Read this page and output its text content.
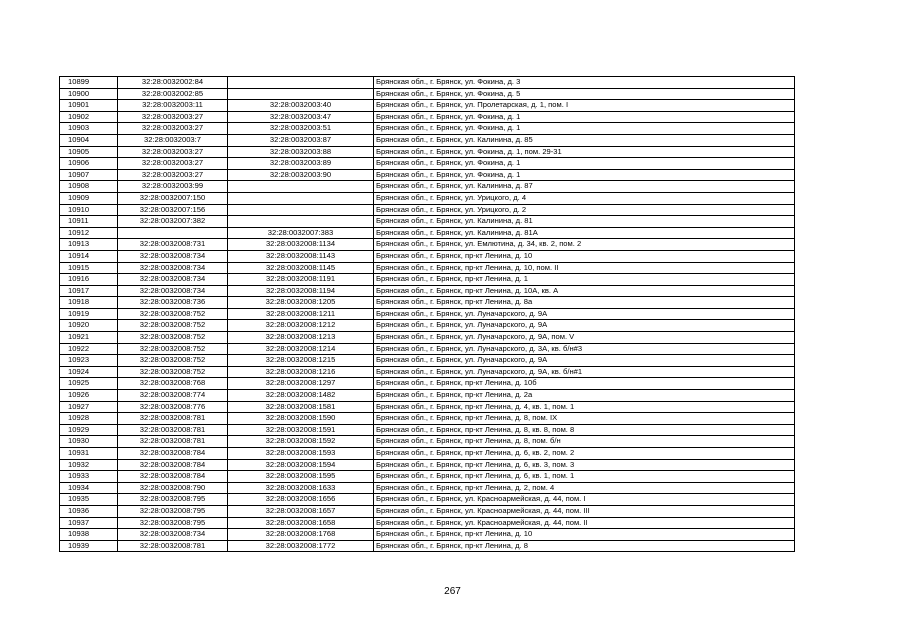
10899	32:28:0032002:84		Брянская обл., г. Брянск, ул. Фокина, д. 3
10900	32:28:0032002:85		Брянская обл., г. Брянск, ул. Фокина, д. 5
10901	32:28:0032003:11	32:28:0032003:40	Брянская обл., г. Брянск, ул. Пролетарская, д. 1, пом. I
10902	32:28:0032003:27	32:28:0032003:47	Брянская обл., г. Брянск, ул. Фокина, д. 1
10903	32:28:0032003:27	32:28:0032003:51	Брянская обл., г. Брянск, ул. Фокина, д. 1
10904	32:28:0032003:7	32:28:0032003:87	Брянская обл., г. Брянск, ул. Калинина, д. 85
10905	32:28:0032003:27	32:28:0032003:88	Брянская обл., г. Брянск, ул. Фокина, д. 1, пом. 29-31
10906	32:28:0032003:27	32:28:0032003:89	Брянская обл., г. Брянск, ул. Фокина, д. 1
10907	32:28:0032003:27	32:28:0032003:90	Брянская обл., г. Брянск, ул. Фокина, д. 1
10908	32:28:0032003:99		Брянская обл., г. Брянск, ул. Калинина, д. 87
10909	32:28:0032007:150		Брянская обл., г. Брянск, ул. Урицкого, д. 4
10910	32:28:0032007:156		Брянская обл., г. Брянск, ул. Урицкого, д. 2
10911	32:28:0032007:382		Брянская обл., г. Брянск, ул. Калинина, д. 81
10912		32:28:0032007:383	Брянская обл., г. Брянск, ул. Калинина, д. 81А
10913	32:28:0032008:731	32:28:0032008:1134	Брянская обл., г. Брянск, ул. Емлютина, д. 34, кв. 2, пом. 2
10914	32:28:0032008:734	32:28:0032008:1143	Брянская обл., г. Брянск, пр-кт Ленина, д. 10
10915	32:28:0032008:734	32:28:0032008:1145	Брянская обл., г. Брянск, пр-кт Ленина, д. 10, пом. II
10916	32:28:0032008:734	32:28:0032008:1191	Брянская обл., г. Брянск, пр-кт Ленина, д. 1
10917	32:28:0032008:734	32:28:0032008:1194	Брянская обл., г. Брянск, пр-кт Ленина, д. 10А, кв. А
10918	32:28:0032008:736	32:28:0032008:1205	Брянская обл., г. Брянск, пр-кт Ленина, д. 8а
10919	32:28:0032008:752	32:28:0032008:1211	Брянская обл., г. Брянск, ул. Луначарского, д. 9А
10920	32:28:0032008:752	32:28:0032008:1212	Брянская обл., г. Брянск, ул. Луначарского, д. 9А
10921	32:28:0032008:752	32:28:0032008:1213	Брянская обл., г. Брянск, ул. Луначарского, д. 9А, пом. V
10922	32:28:0032008:752	32:28:0032008:1214	Брянская обл., г. Брянск, ул. Луначарского, д. 3А, кв. б/н#3
10923	32:28:0032008:752	32:28:0032008:1215	Брянская обл., г. Брянск, ул. Луначарского, д. 9А
10924	32:28:0032008:752	32:28:0032008:1216	Брянская обл., г. Брянск, ул. Луначарского, д. 9А, кв. б/н#1
10925	32:28:0032008:768	32:28:0032008:1297	Брянская обл., г. Брянск, пр-кт Ленина, д. 10б
10926	32:28:0032008:774	32:28:0032008:1482	Брянская обл., г. Брянск, пр-кт Ленина, д. 2а
10927	32:28:0032008:776	32:28:0032008:1581	Брянская обл., г. Брянск, пр-кт Ленина, д. 4, кв. 1, пом. 1
10928	32:28:0032008:781	32:28:0032008:1590	Брянская обл., г. Брянск, пр-кт Ленина, д. 8, пом. IX
10929	32:28:0032008:781	32:28:0032008:1591	Брянская обл., г. Брянск, пр-кт Ленина, д. 8, кв. 8, пом. 8
10930	32:28:0032008:781	32:28:0032008:1592	Брянская обл., г. Брянск, пр-кт Ленина, д. 8, пом. б/н
10931	32:28:0032008:784	32:28:0032008:1593	Брянская обл., г. Брянск, пр-кт Ленина, д. 6, кв. 2, пом. 2
10932	32:28:0032008:784	32:28:0032008:1594	Брянская обл., г. Брянск, пр-кт Ленина, д. 6, кв. 3, пом. 3
10933	32:28:0032008:784	32:28:0032008:1595	Брянская обл., г. Брянск, пр-кт Ленина, д. 6, кв. 1, пом. 1
10934	32:28:0032008:790	32:28:0032008:1633	Брянская обл., г. Брянск, пр-кт Ленина, д. 2, пом. 4
10935	32:28:0032008:795	32:28:0032008:1656	Брянская обл., г. Брянск, ул. Красноармейская, д. 44, пом. I
10936	32:28:0032008:795	32:28:0032008:1657	Брянская обл., г. Брянск, ул. Красноармейская, д. 44, пом. III
10937	32:28:0032008:795	32:28:0032008:1658	Брянская обл., г. Брянск, ул. Красноармейская, д. 44, пом. II
10938	32:28:0032008:734	32:28:0032008:1768	Брянская обл., г. Брянск, пр-кт Ленина, д. 10
10939	32:28:0032008:781	32:28:0032008:1772	Брянская обл., г. Брянск, пр-кт Ленина, д. 8
267
